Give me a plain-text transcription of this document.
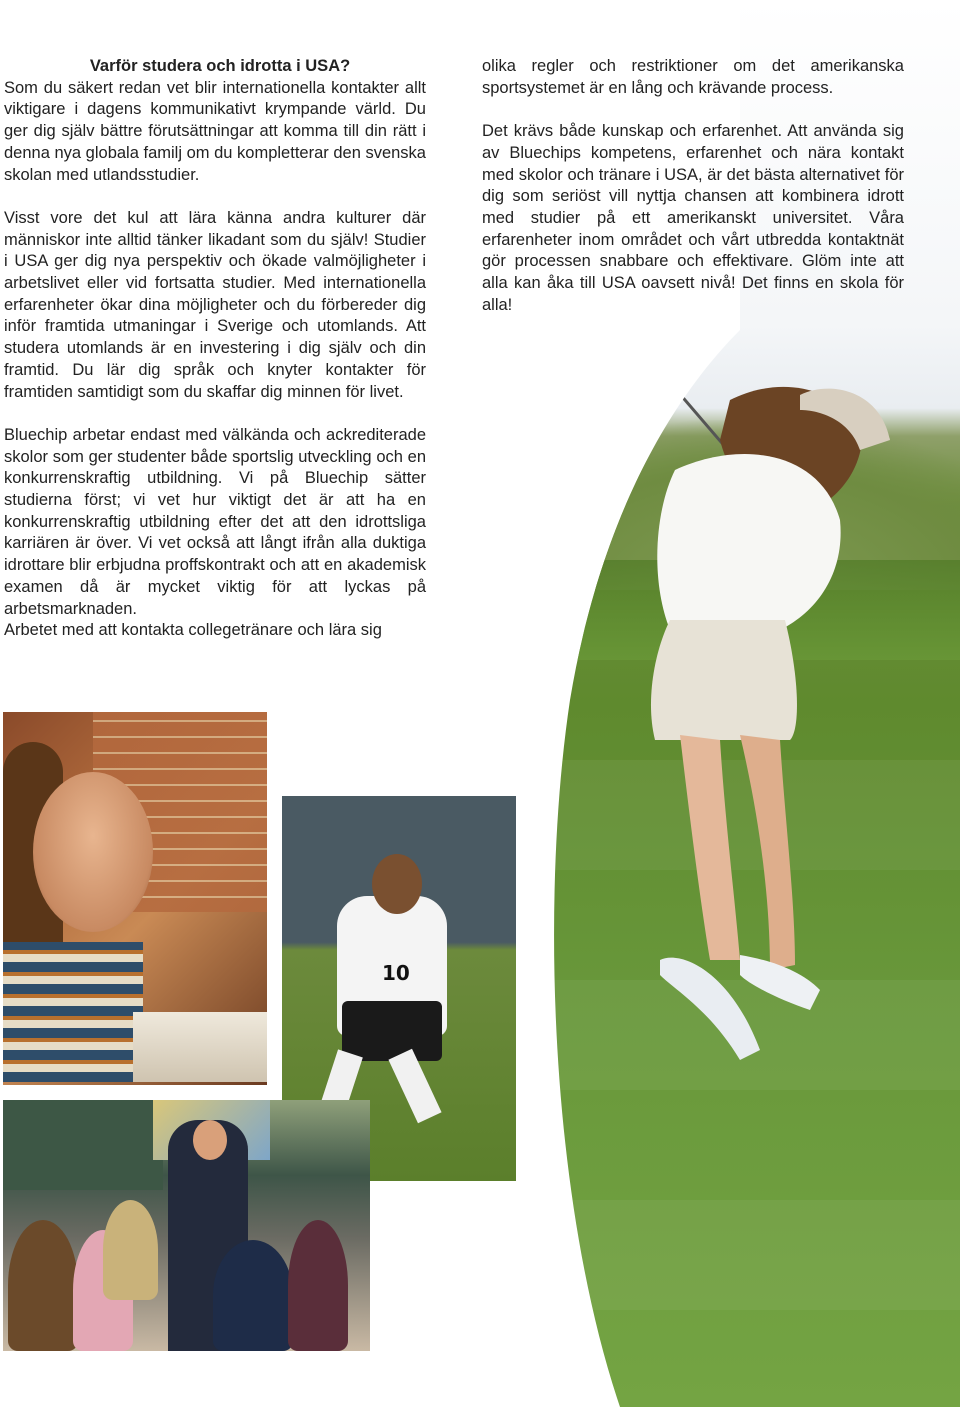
Varför studera och idrotta i USA?

Som du säkert redan vet blir internationella kontakter allt viktigare i dagens kommunikativt krympande värld. Du ger dig själv bättre förutsättningar att komma till din rätt i denna nya globala familj om du kompletterar den svenska skolan med utlandsstudier.

Visst vore det kul att lära känna andra kulturer där människor inte alltid tänker likadant som du själv! Studier i USA ger dig nya perspektiv och ökade valmöjligheter i arbetslivet eller vid fortsatta studier. Med internationella erfarenheter ökar dina möjligheter och du förbereder dig inför framtida utmaningar i Sverige och utomlands. Att studera utomlands är en investering i dig själv och din framtid. Du lär dig språk och knyter kontakter för framtiden samtidigt som du skaffar dig minnen för livet.

Bluechip arbetar endast med välkända och ackrediterade skolor som ger studenter både sportslig utveckling och en konkurrenskraftig utbildning. Vi på Bluechip sätter studierna först; vi vet hur viktigt det är att ha en konkurrenskraftig utbildning efter det att den idrottsliga karriären är över. Vi vet också att långt ifrån alla duktiga idrottare blir erbjudna proffskontrakt och att en akademisk examen då är mycket viktig för att lyckas på arbetsmarknaden.

Arbetet med att kontakta collegetränare och lära sig

olika regler och restriktioner om det amerikanska sportsystemet är en lång och krävande process.

Det krävs både kunskap och erfarenhet. Att använda sig av Bluechips kompetens, erfarenhet och nära kontakt med skolor och tränare i USA, är det bästa alternativet för dig som seriöst vill nyttja chansen att kombinera idrott med studier på ett amerikanskt universitet. Våra erfarenheter inom området och vårt utbredda kontaktnät gör processen snabbare och effektivare. Glöm inte att alla kan åka till USA oavsett nivå! Det finns en skola för alla!

10
